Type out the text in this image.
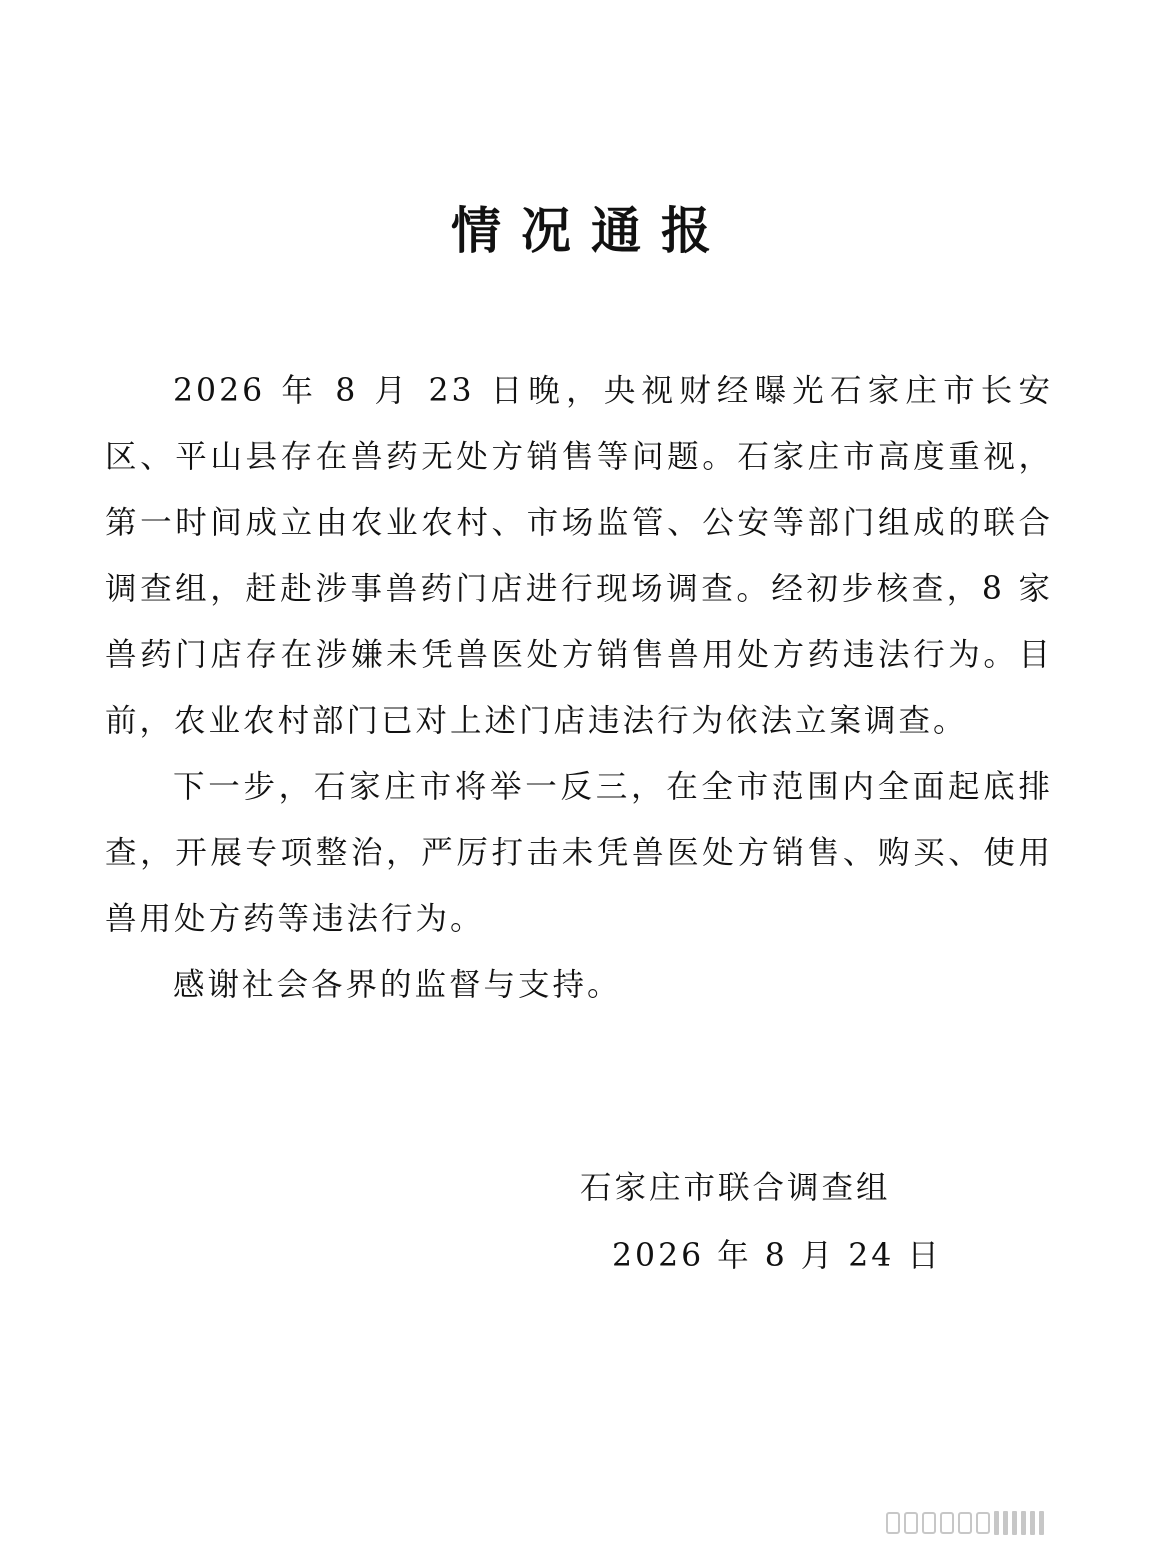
情况通报

2026 年 8 月 23 日晚，央视财经曝光石家庄市长安区、平山县存在兽药无处方销售等问题。石家庄市高度重视，第一时间成立由农业农村、市场监管、公安等部门组成的联合调查组，赶赴涉事兽药门店进行现场调查。经初步核查，8 家兽药门店存在涉嫌未凭兽医处方销售兽用处方药违法行为。目前，农业农村部门已对上述门店违法行为依法立案调查。

下一步，石家庄市将举一反三，在全市范围内全面起底排查，开展专项整治，严厉打击未凭兽医处方销售、购买、使用兽用处方药等违法行为。

感谢社会各界的监督与支持。

石家庄市联合调查组
2026 年 8 月 24 日
